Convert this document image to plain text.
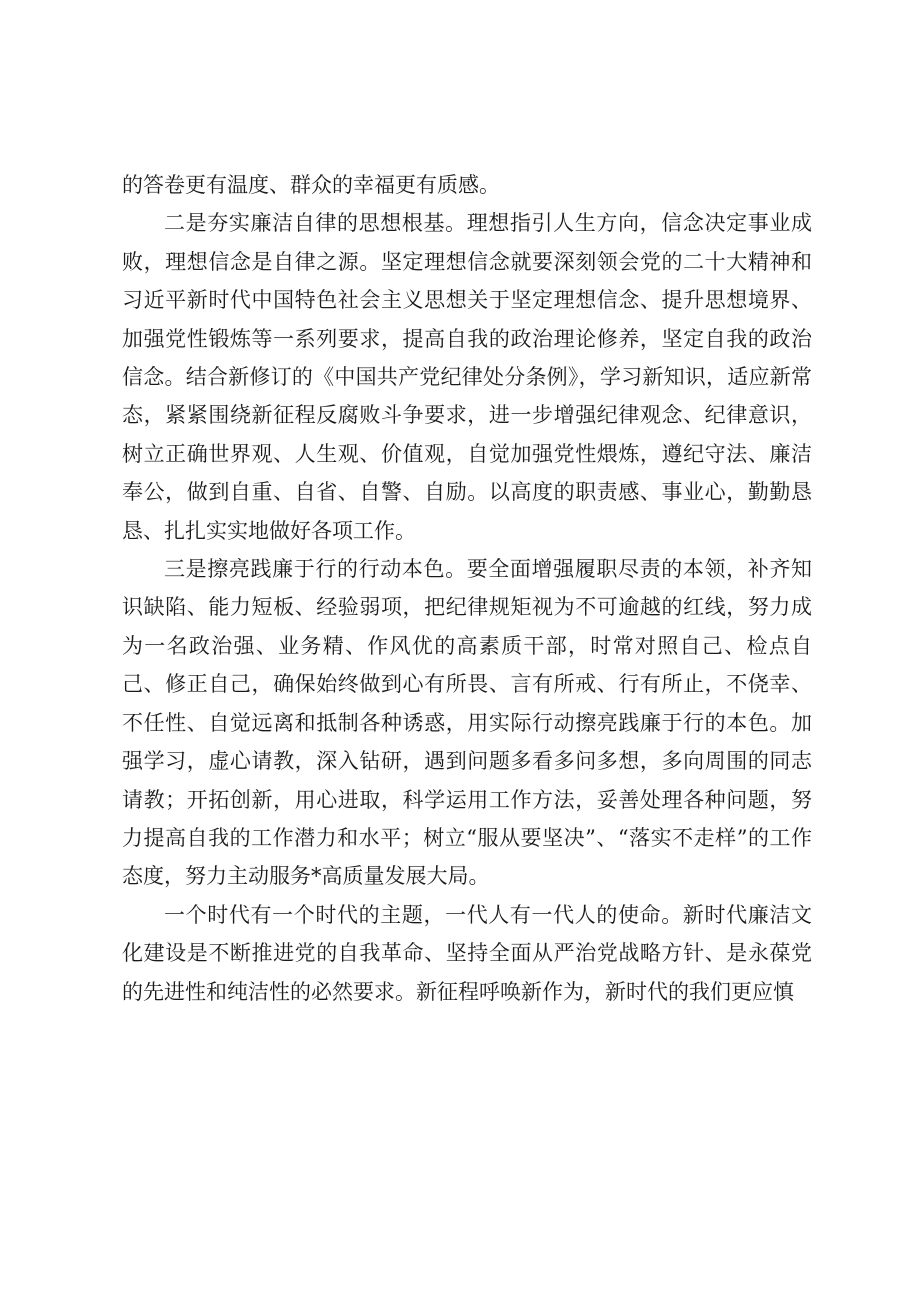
的答卷更有温度、群众的幸福更有质感。

二是夯实廉洁自律的思想根基。理想指引人生方向，信念决定事业成败，理想信念是自律之源。坚定理想信念就要深刻领会党的二十大精神和习近平新时代中国特色社会主义思想关于坚定理想信念、提升思想境界、加强党性锻炼等一系列要求，提高自我的政治理论修养，坚定自我的政治信念。结合新修订的《中国共产党纪律处分条例》，学习新知识，适应新常态，紧紧围绕新征程反腐败斗争要求，进一步增强纪律观念、纪律意识，树立正确世界观、人生观、价值观，自觉加强党性煨炼，遵纪守法、廉洁奉公，做到自重、自省、自警、自励。以高度的职责感、事业心，勤勤恳恳、扎扎实实地做好各项工作。

三是擦亮践廉于行的行动本色。要全面增强履职尽责的本领，补齐知识缺陷、能力短板、经验弱项，把纪律规矩视为不可逾越的红线，努力成为一名政治强、业务精、作风优的高素质干部，时常对照自己、检点自己、修正自己，确保始终做到心有所畏、言有所戒、行有所止，不侥幸、不任性、自觉远离和抵制各种诱惑，用实际行动擦亮践廉于行的本色。加强学习，虚心请教，深入钻研，遇到问题多看多问多想，多向周围的同志请教；开拓创新，用心进取，科学运用工作方法，妥善处理各种问题，努力提高自我的工作潜力和水平；树立“服从要坚决”、“落实不走样”的工作态度，努力主动服务*高质量发展大局。

一个时代有一个时代的主题，一代人有一代人的使命。新时代廉洁文化建设是不断推进党的自我革命、坚持全面从严治党战略方针、是永葆党的先进性和纯洁性的必然要求。新征程呼唤新作为，新时代的我们更应慎
